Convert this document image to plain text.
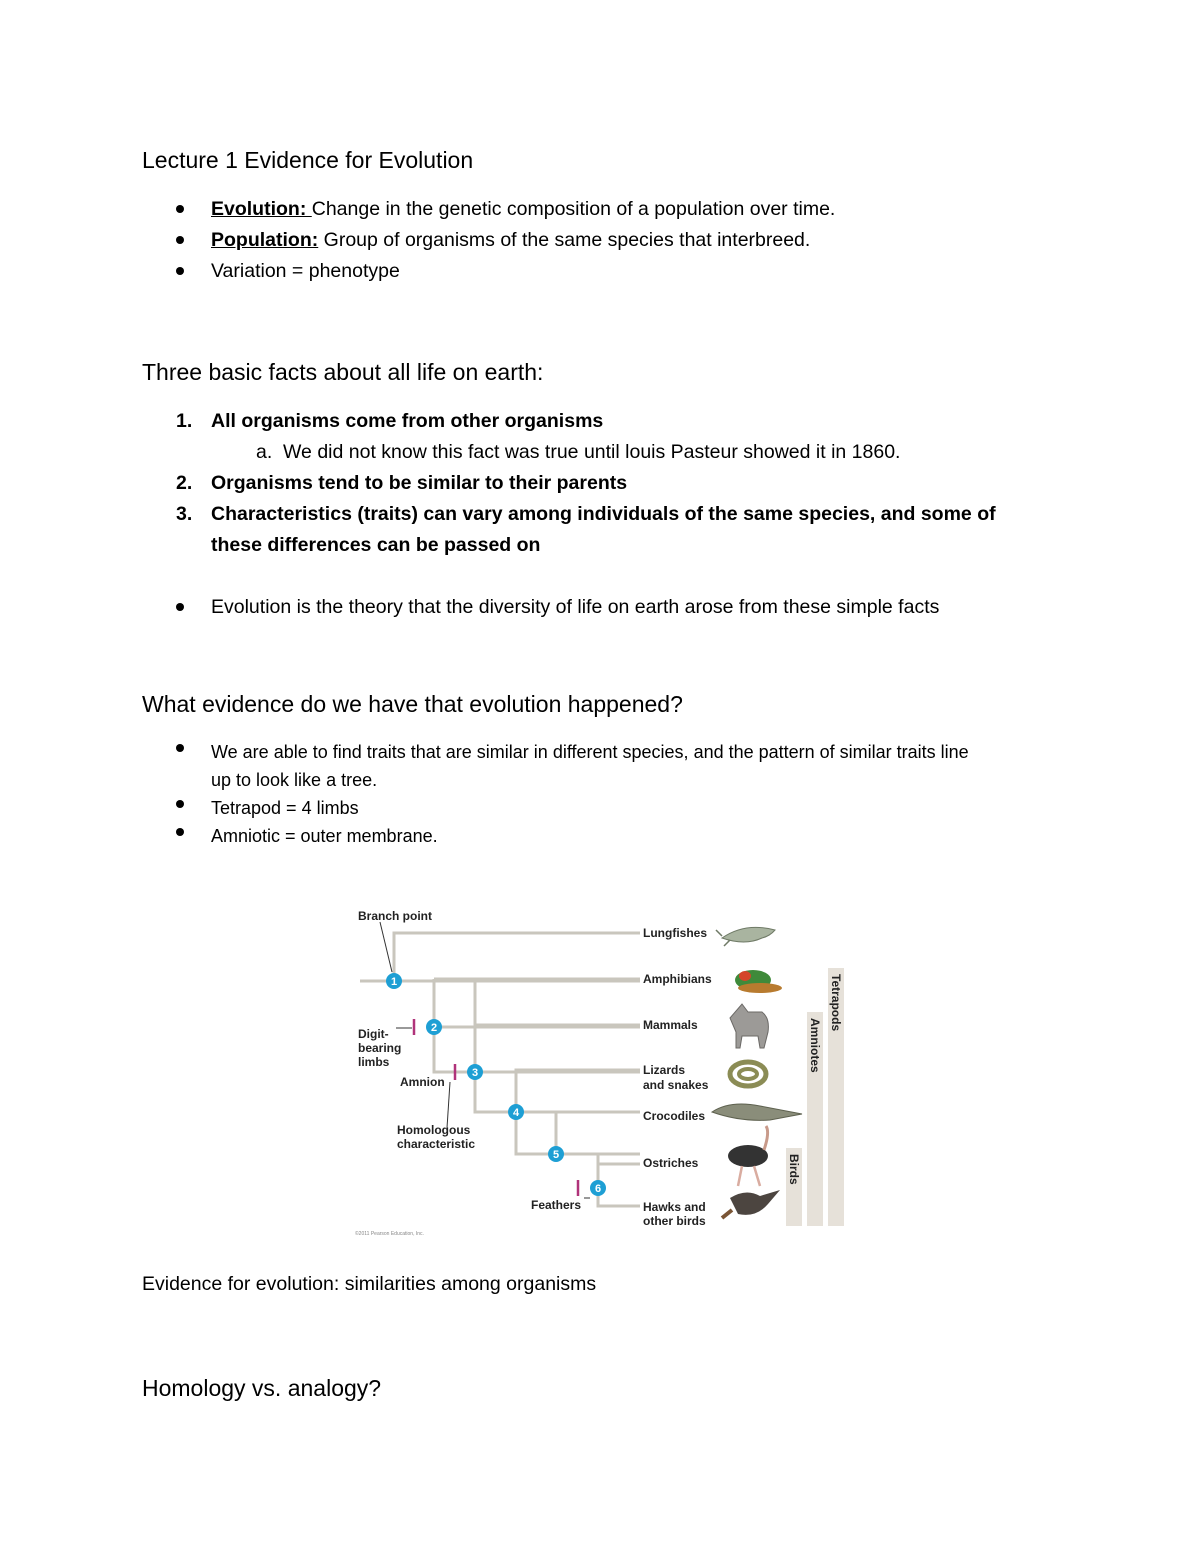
Lecture 1 Evidence for Evolution
Evolution: Change in the genetic composition of a population over time.
Population: Group of organisms of the same species that interbreed.
Variation = phenotype
Three basic facts about all life on earth:
1. All organisms come from other organisms
a. We did not know this fact was true until louis Pasteur showed it in 1860.
2. Organisms tend to be similar to their parents
3. Characteristics (traits) can vary among individuals of the same species, and some of
these differences can be passed on
Evolution is the theory that the diversity of life on earth arose from these simple facts
What evidence do we have that evolution happened?
We are able to find traits that are similar in different species, and the pattern of similar traits line
up to look like a tree.
Tetrapod = 4 limbs
Amniotic = outer membrane.
Tetrapods
Amniotes
Birds
1
2
3
4
5
6
Branch point
Digit-
bearing
limbs
Amnion
Homologous
characteristic
Feathers
Lungfishes
Amphibians
Mammals
Lizards
and snakes
Crocodiles
Ostriches
Hawks and
other birds
©2011 Pearson Education, Inc.
Evidence for evolution: similarities among organisms
Homology vs. analogy?
